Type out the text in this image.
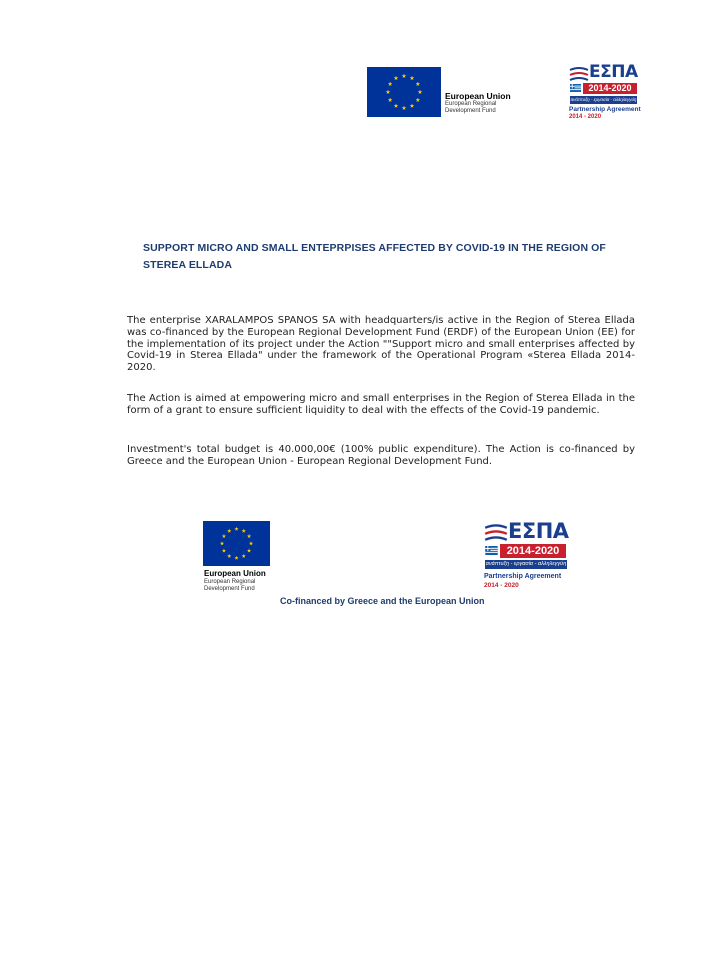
European Union
European Regional
Development Fund
ΕΣΠΑ
2014-2020
ανάπτυξη - εργασία - αλληλεγγύη
Partnership Agreement
2014 - 2020
SUPPORT MICRO AND SMALL ENTEPRPISES AFFECTED BY COVID-19 IN THE REGION OF
STEREA ELLADA

The enterprise XARALAMPOS SPANOS SA with headquarters/is active in the Region of Sterea Ellada was co-financed by the European Regional Development Fund (ERDF) of the European Union (EE) for the implementation of its project under the Action ""Support micro and small enterprises affected by Covid-19 in Sterea Ellada" under the framework of the Operational Program «Sterea Ellada 2014-2020.

The Action is aimed at empowering micro and small enterprises in the Region of Sterea Ellada in the form of a grant to ensure sufficient liquidity to deal with the effects of the Covid-19 pandemic.

Investment's total budget is 40.000,00€ (100% public expenditure). The Action is co-financed by Greece and the European Union - European Regional Development Fund.

European Union
European Regional
Development Fund
ΕΣΠΑ
2014-2020
ανάπτυξη - εργασία - αλληλεγγύη
Partnership Agreement
2014 - 2020
Co-financed by Greece and the European Union
